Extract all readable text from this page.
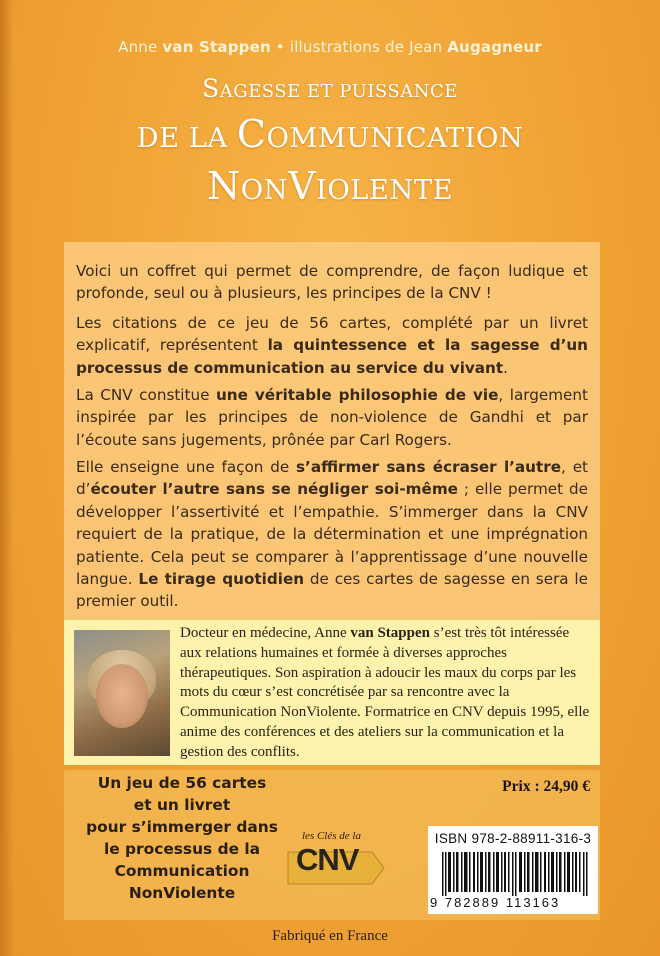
Anne van Stappen • illustrations de Jean Augagneur
SAGESSE ET PUISSANCE
DE LA COMMUNICATION
NONVIOLENTE

Voici un coffret qui permet de comprendre, de façon ludique et profonde, seul ou à plusieurs, les principes de la CNV !

Les citations de ce jeu de 56 cartes, complété par un livret explicatif, représentent la quintessence et la sagesse d’un processus de communication au service du vivant.

La CNV constitue une véritable philosophie de vie, largement inspirée par les principes de non-violence de Gandhi et par l’écoute sans jugements, prônée par Carl Rogers.

Elle enseigne une façon de s’affirmer sans écraser l’autre, et d’écouter l’autre sans se négliger soi-même ; elle permet de développer l’assertivité et l’empathie. S’immerger dans la CNV requiert de la pratique, de la détermination et une imprégnation patiente. Cela peut se comparer à l’apprentissage d’une nouvelle langue. Le tirage quotidien de ces cartes de sagesse en sera le premier outil.

Docteur en médecine, Anne van Stappen s’est très tôt intéressée aux relations humaines et formée à diverses approches thérapeutiques. Son aspiration à adoucir les maux du corps par les mots du cœur s’est concrétisée par sa rencontre avec la Communication NonViolente. Formatrice en CNV depuis 1995, elle anime des conférences et des ateliers sur la communication et la gestion des conflits.
Un jeu de 56 cartes
et un livret
pour s’immerger dans
le processus de la
Communication
NonViolente
les Clés de la
CNV
Prix : 24,90 €
ISBN 978-2-88911-316-3
9 782889 113163
Fabriqué en France
